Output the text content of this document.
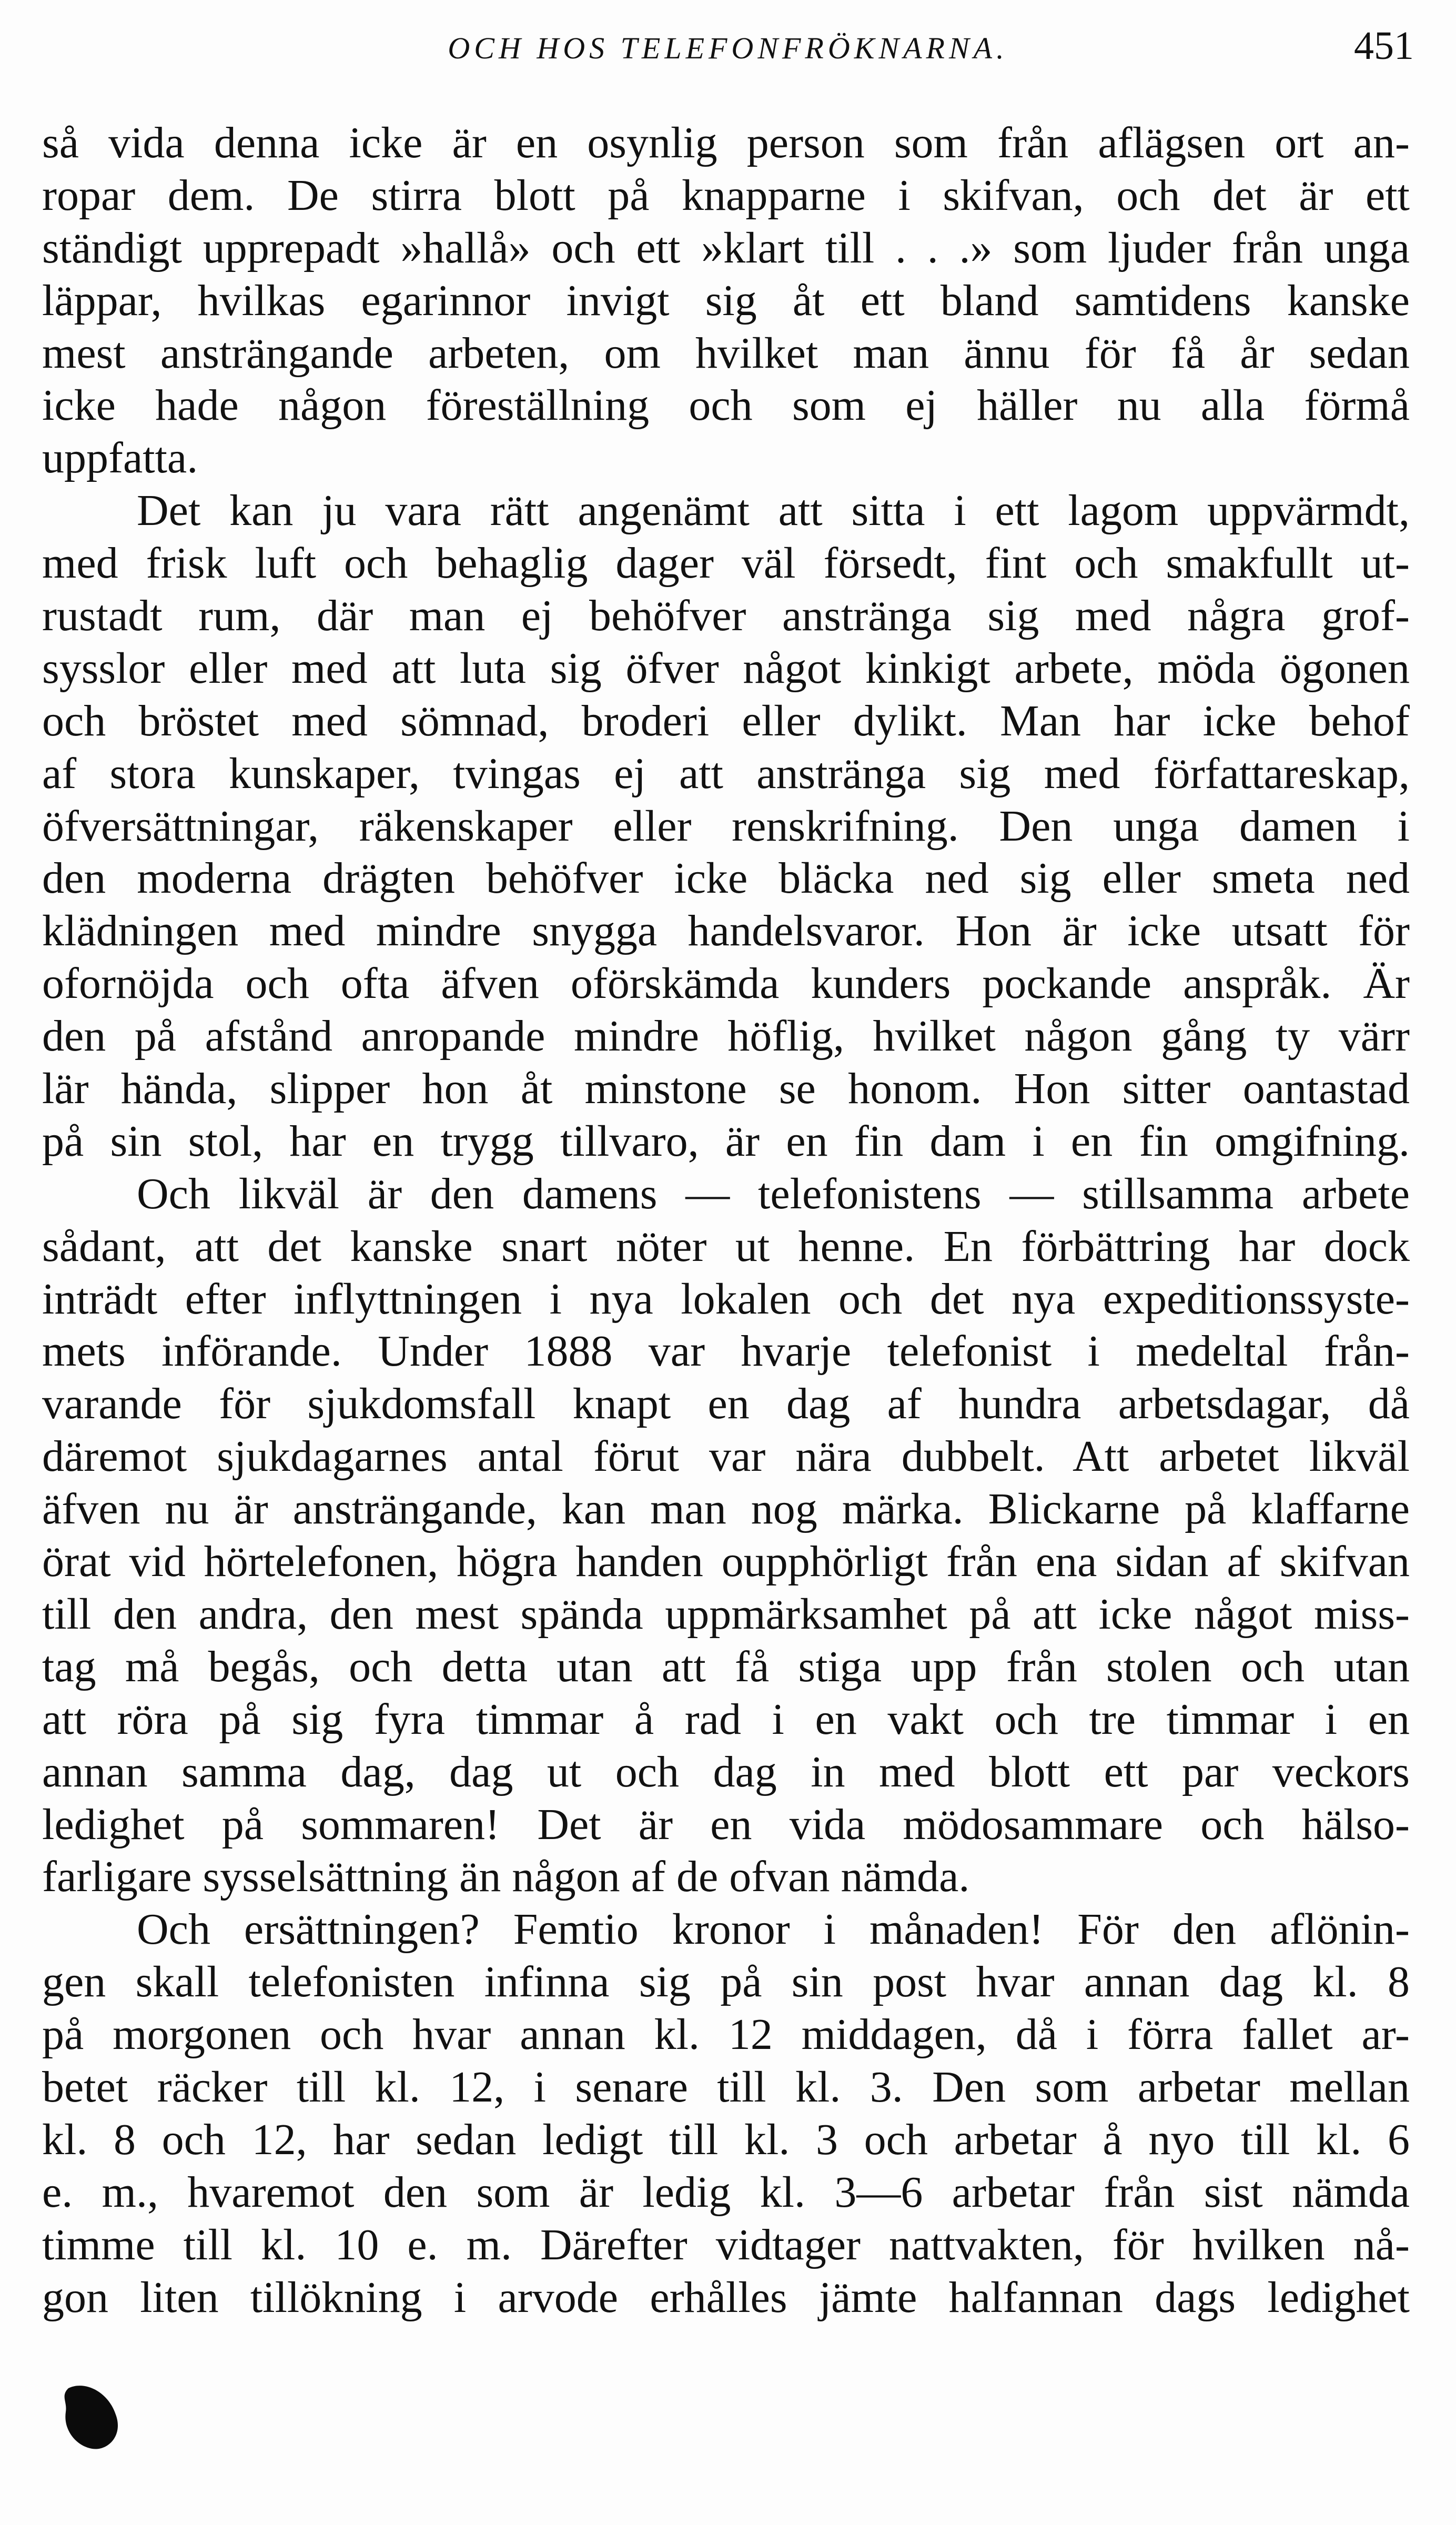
OCH HOS TELEFONFRÖKNARNA.	451
så vida denna icke är en osynlig person som från aflägsen ort an-
ropar dem. De stirra blott på knapparne i skifvan, och det är ett
ständigt upprepadt »hallå» och ett »klart till . . .» som ljuder från unga
läppar, hvilkas egarinnor invigt sig åt ett bland samtidens kanske
mest ansträngande arbeten, om hvilket man ännu för få år sedan
icke hade någon föreställning och som ej häller nu alla förmå
uppfatta.
Det kan ju vara rätt angenämt att sitta i ett lagom uppvärmdt,
med frisk luft och behaglig dager väl försedt, fint och smakfullt ut-
rustadt rum, där man ej behöfver anstränga sig med några grof-
sysslor eller med att luta sig öfver något kinkigt arbete, möda ögonen
och bröstet med sömnad, broderi eller dylikt. Man har icke behof
af stora kunskaper, tvingas ej att anstränga sig med författareskap,
öfversättningar, räkenskaper eller renskrifning. Den unga damen i
den moderna drägten behöfver icke bläcka ned sig eller smeta ned
klädningen med mindre snygga handelsvaror. Hon är icke utsatt för
ofornöjda och ofta äfven oförskämda kunders pockande anspråk. Är
den på afstånd anropande mindre höflig, hvilket någon gång ty värr
lär hända, slipper hon åt minstone se honom. Hon sitter oantastad
på sin stol, har en trygg tillvaro, är en fin dam i en fin omgifning.
Och likväl är den damens — telefonistens — stillsamma arbete
sådant, att det kanske snart nöter ut henne. En förbättring har dock
inträdt efter inflyttningen i nya lokalen och det nya expeditionssyste-
mets införande. Under 1888 var hvarje telefonist i medeltal från-
varande för sjukdomsfall knapt en dag af hundra arbetsdagar, då
däremot sjukdagarnes antal förut var nära dubbelt. Att arbetet likväl
äfven nu är ansträngande, kan man nog märka. Blickarne på klaffarne
örat vid hörtelefonen, högra handen oupphörligt från ena sidan af skifvan
till den andra, den mest spända uppmärksamhet på att icke något miss-
tag må begås, och detta utan att få stiga upp från stolen och utan
att röra på sig fyra timmar å rad i en vakt och tre timmar i en
annan samma dag, dag ut och dag in med blott ett par veckors
ledighet på sommaren! Det är en vida mödosammare och hälso-
farligare sysselsättning än någon af de ofvan nämda.
Och ersättningen? Femtio kronor i månaden! För den aflönin-
gen skall telefonisten infinna sig på sin post hvar annan dag kl. 8
på morgonen och hvar annan kl. 12 middagen, då i förra fallet ar-
betet räcker till kl. 12, i senare till kl. 3. Den som arbetar mellan
kl. 8 och 12, har sedan ledigt till kl. 3 och arbetar å nyo till kl. 6
e. m., hvaremot den som är ledig kl. 3—6 arbetar från sist nämda
timme till kl. 10 e. m. Därefter vidtager nattvakten, för hvilken nå-
gon liten tillökning i arvode erhålles jämte halfannan dags ledighet
